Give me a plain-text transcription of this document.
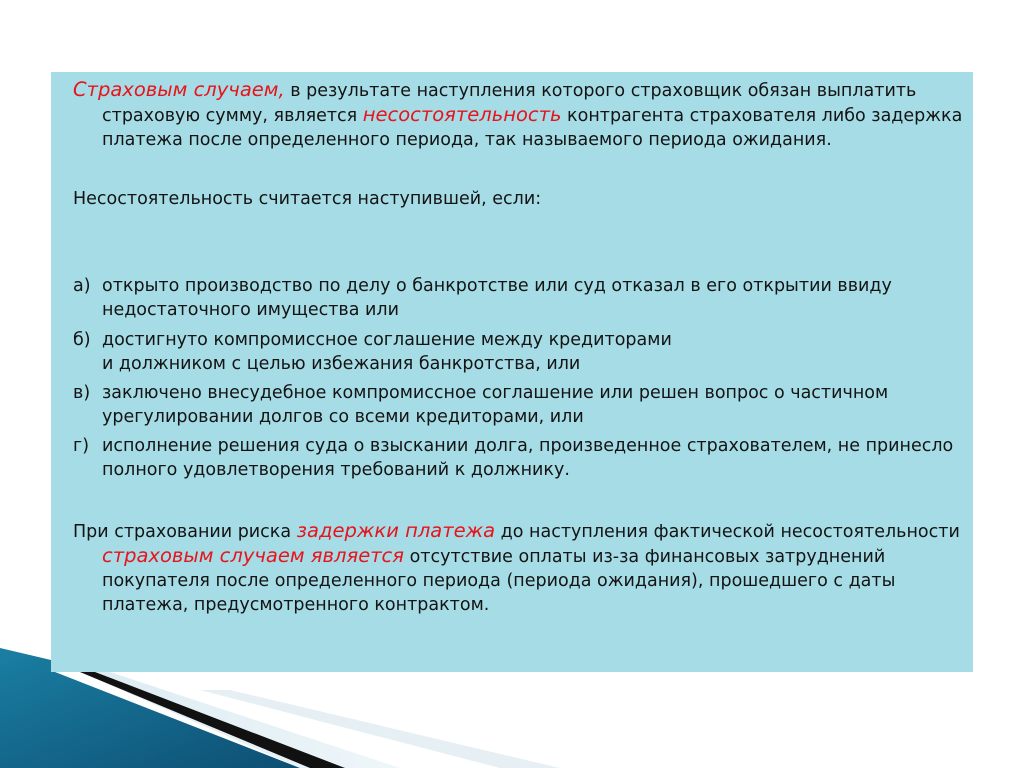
Страховым случаем, в результате наступления которого страховщик обязан выплатить страховую сумму, является несостоятельность контрагента страхователя либо задержка платежа после определенного периода, так называемого периода ожидания.
Несостоятельность считается наступившей, если:
а) открыто производство по делу о банкротстве или суд отказал в его открытии ввиду недостаточного имущества или
б) достигнуто компромиссное соглашение между кредиторами
и должником с целью избежания банкротства, или
в) заключено внесудебное компромиссное соглашение или решен вопрос о частичном урегулировании долгов со всеми кредиторами, или
г) исполнение решения суда о взыскании долга, произведенное страхователем, не принесло полного удовлетворения требований к должнику.
При страховании риска задержки платежа до наступления фактической несостоятельности страховым случаем является отсутствие оплаты из-за финансовых затруднений покупателя после определенного периода (периода ожидания), прошедшего с даты платежа, предусмотренного контрактом.
